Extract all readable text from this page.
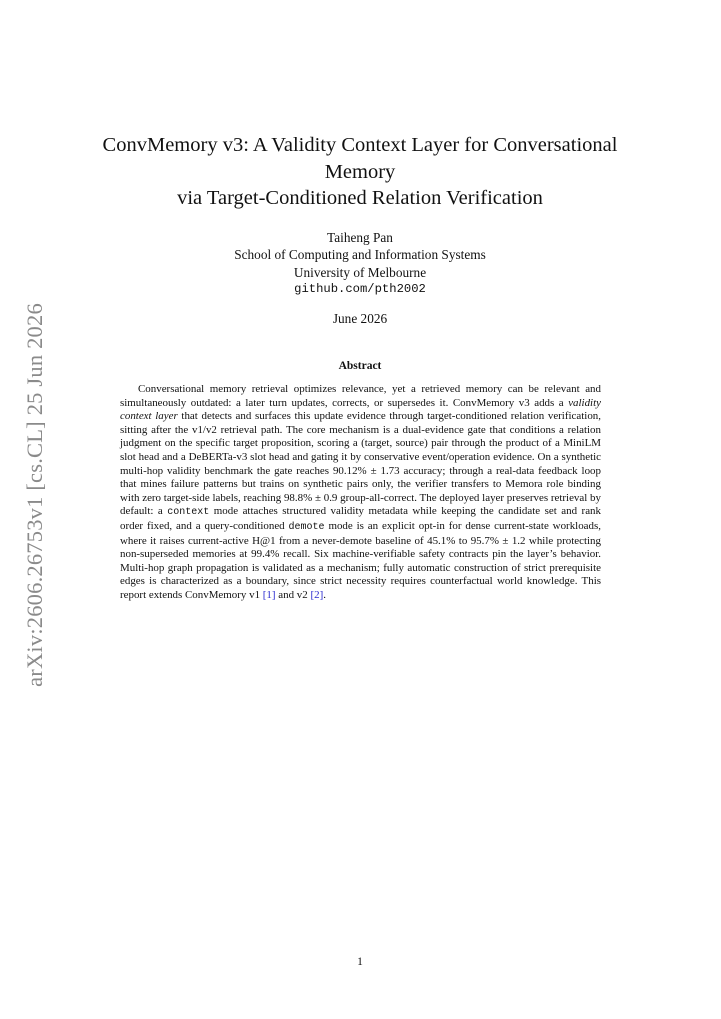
arXiv:2606.26753v1 [cs.CL] 25 Jun 2026
ConvMemory v3: A Validity Context Layer for Conversational
Memory
via Target-Conditioned Relation Verification
Taiheng Pan
School of Computing and Information Systems
University of Melbourne
github.com/pth2002
June 2026
Abstract
Conversational memory retrieval optimizes relevance, yet a retrieved memory can be relevant and simultaneously outdated: a later turn updates, corrects, or supersedes it. ConvMemory v3 adds a validity context layer that detects and surfaces this update evidence through target-conditioned relation verification, sitting after the v1/v2 retrieval path. The core mechanism is a dual-evidence gate that conditions a relation judgment on the specific target proposition, scoring a (target, source) pair through the product of a MiniLM slot head and a DeBERTa-v3 slot head and gating it by conservative event/operation evidence. On a synthetic multi-hop validity benchmark the gate reaches 90.12% ± 1.73 accuracy; through a real-data feedback loop that mines failure patterns but trains on synthetic pairs only, the verifier transfers to Memora role binding with zero target-side labels, reaching 98.8% ± 0.9 group-all-correct. The deployed layer preserves retrieval by default: a context mode attaches structured validity metadata while keeping the candidate set and rank order fixed, and a query-conditioned demote mode is an explicit opt-in for dense current-state workloads, where it raises current-active H@1 from a never-demote baseline of 45.1% to 95.7% ± 1.2 while protecting non-superseded memories at 99.4% recall. Six machine-verifiable safety contracts pin the layer’s behavior. Multi-hop graph propagation is validated as a mechanism; fully automatic construction of strict prerequisite edges is characterized as a boundary, since strict necessity requires counterfactual world knowledge. This report extends ConvMemory v1 [1] and v2 [2].
1
